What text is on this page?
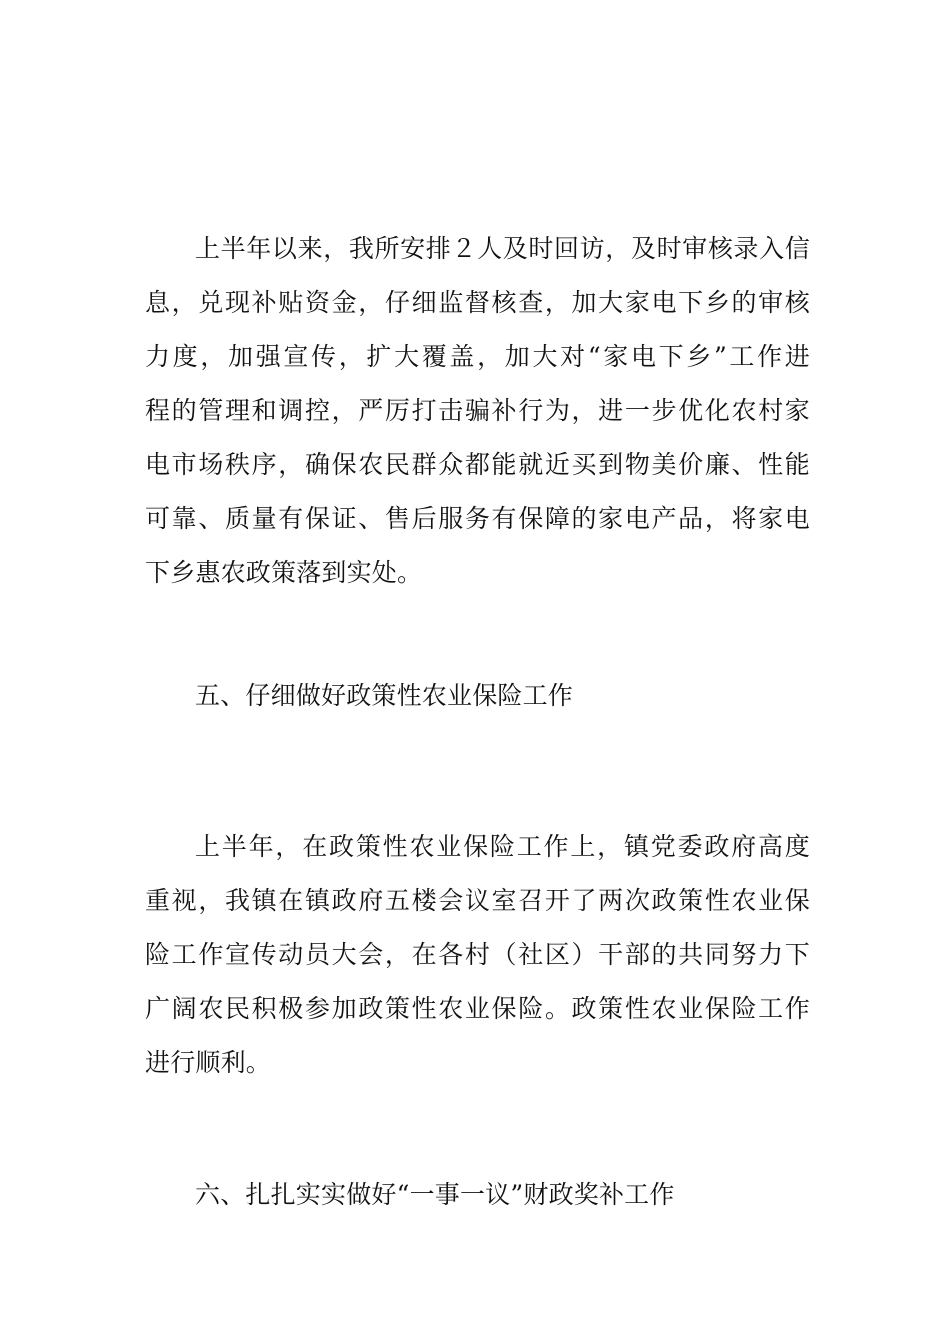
上半年以来，我所安排２人及时回访，及时审核录入信
息，兑现补贴资金，仔细监督核查，加大家电下乡的审核
力度，加强宣传，扩大覆盖，加大对“家电下乡”工作进
程的管理和调控，严厉打击骗补行为，进一步优化农村家
电市场秩序，确保农民群众都能就近买到物美价廉、性能
可靠、质量有保证、售后服务有保障的家电产品，将家电
下乡惠农政策落到实处。
五、仔细做好政策性农业保险工作
上半年，在政策性农业保险工作上，镇党委政府高度
重视，我镇在镇政府五楼会议室召开了两次政策性农业保
险工作宣传动员大会，在各村（社区）干部的共同努力下
广阔农民积极参加政策性农业保险。政策性农业保险工作
进行顺利。
六、扎扎实实做好“一事一议”财政奖补工作
